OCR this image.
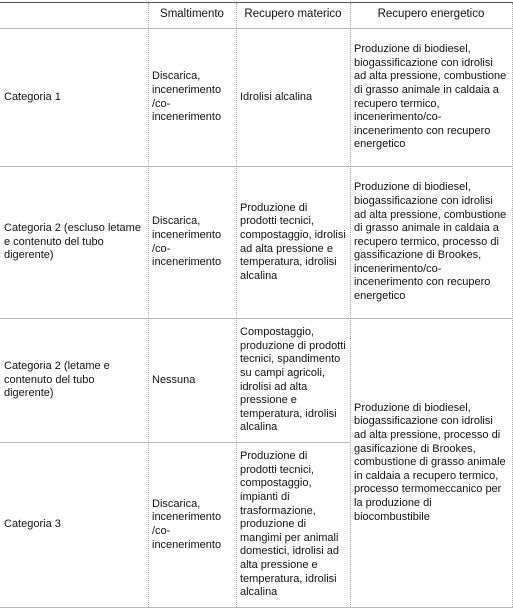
Smaltimento Recupero materico	Recupero energetico
Categoria 1
Discarica, incenerimento /co-incenerimento
Idrolisi alcalina
Produzione di biodiesel, biogassificazione con idrolisi ad alta pressione, combustione di grasso animale in caldaia a recupero termico, incenerimento/co-incenerimento con recupero energetico
Categoria 2 (escluso letame e contenuto del tubo digerente)
Discarica, incenerimento /co-incenerimento
Produzione di prodotti tecnici, compostaggio, idrolisi ad alta pressione e temperatura, idrolisi alcalina
Produzione di biodiesel, biogassificazione con idrolisi ad alta pressione, combustione di grasso animale in caldaia a recupero termico, processo di gassificazione di Brookes, incenerimento/co-incenerimento con recupero energetico
Categoria 2 (letame e contenuto del tubo digerente)
Nessuna
Compostaggio, produzione di prodotti tecnici, spandimento su campi agricoli, idrolisi ad alta pressione e temperatura, idrolisi alcalina
Produzione di biodiesel, biogassificazione con idrolisi ad alta pressione, processo di gasificazione di Brookes, combustione di grasso animale in caldaia a recupero termico, processo termomeccanico per la produzione di biocombustibile
Categoria 3
Discarica, incenerimento /co-incenerimento
Produzione di prodotti tecnici, compostaggio, impianti di trasformazione, produzione di mangimi per animali domestici, idrolisi ad alta pressione e temperatura, idrolisi alcalina
